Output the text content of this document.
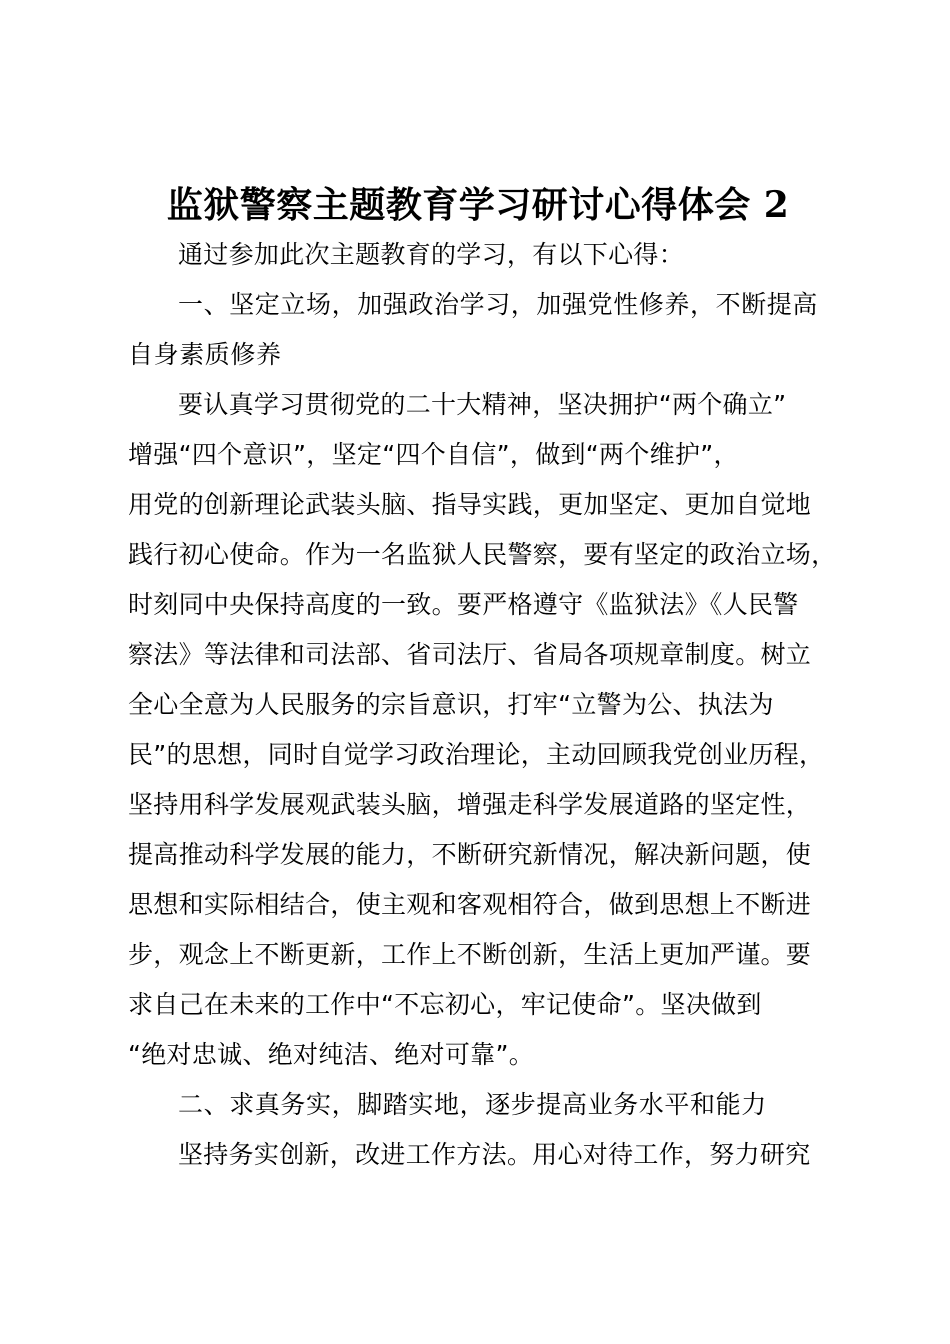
监狱警察主题教育学习研讨心得体会 2

通过参加此次主题教育的学习，有以下心得：

一、坚定立场，加强政治学习，加强党性修养，不断提高

自身素质修养

要认真学习贯彻党的二十大精神，坚决拥护“两个确立”

增强“四个意识”，坚定“四个自信”，做到“两个维护”，

用党的创新理论武装头脑、指导实践，更加坚定、更加自觉地

践行初心使命。作为一名监狱人民警察，要有坚定的政治立场，

时刻同中央保持高度的一致。要严格遵守《监狱法》《人民警

察法》等法律和司法部、省司法厅、省局各项规章制度。树立

全心全意为人民服务的宗旨意识，打牢“立警为公、执法为

民”的思想，同时自觉学习政治理论，主动回顾我党创业历程，

坚持用科学发展观武装头脑，增强走科学发展道路的坚定性，

提高推动科学发展的能力，不断研究新情况，解决新问题，使

思想和实际相结合，使主观和客观相符合，做到思想上不断进

步，观念上不断更新，工作上不断创新，生活上更加严谨。要

求自己在未来的工作中“不忘初心，牢记使命”。坚决做到

“绝对忠诚、绝对纯洁、绝对可靠”。

二、求真务实，脚踏实地，逐步提高业务水平和能力

坚持务实创新，改进工作方法。用心对待工作，努力研究
